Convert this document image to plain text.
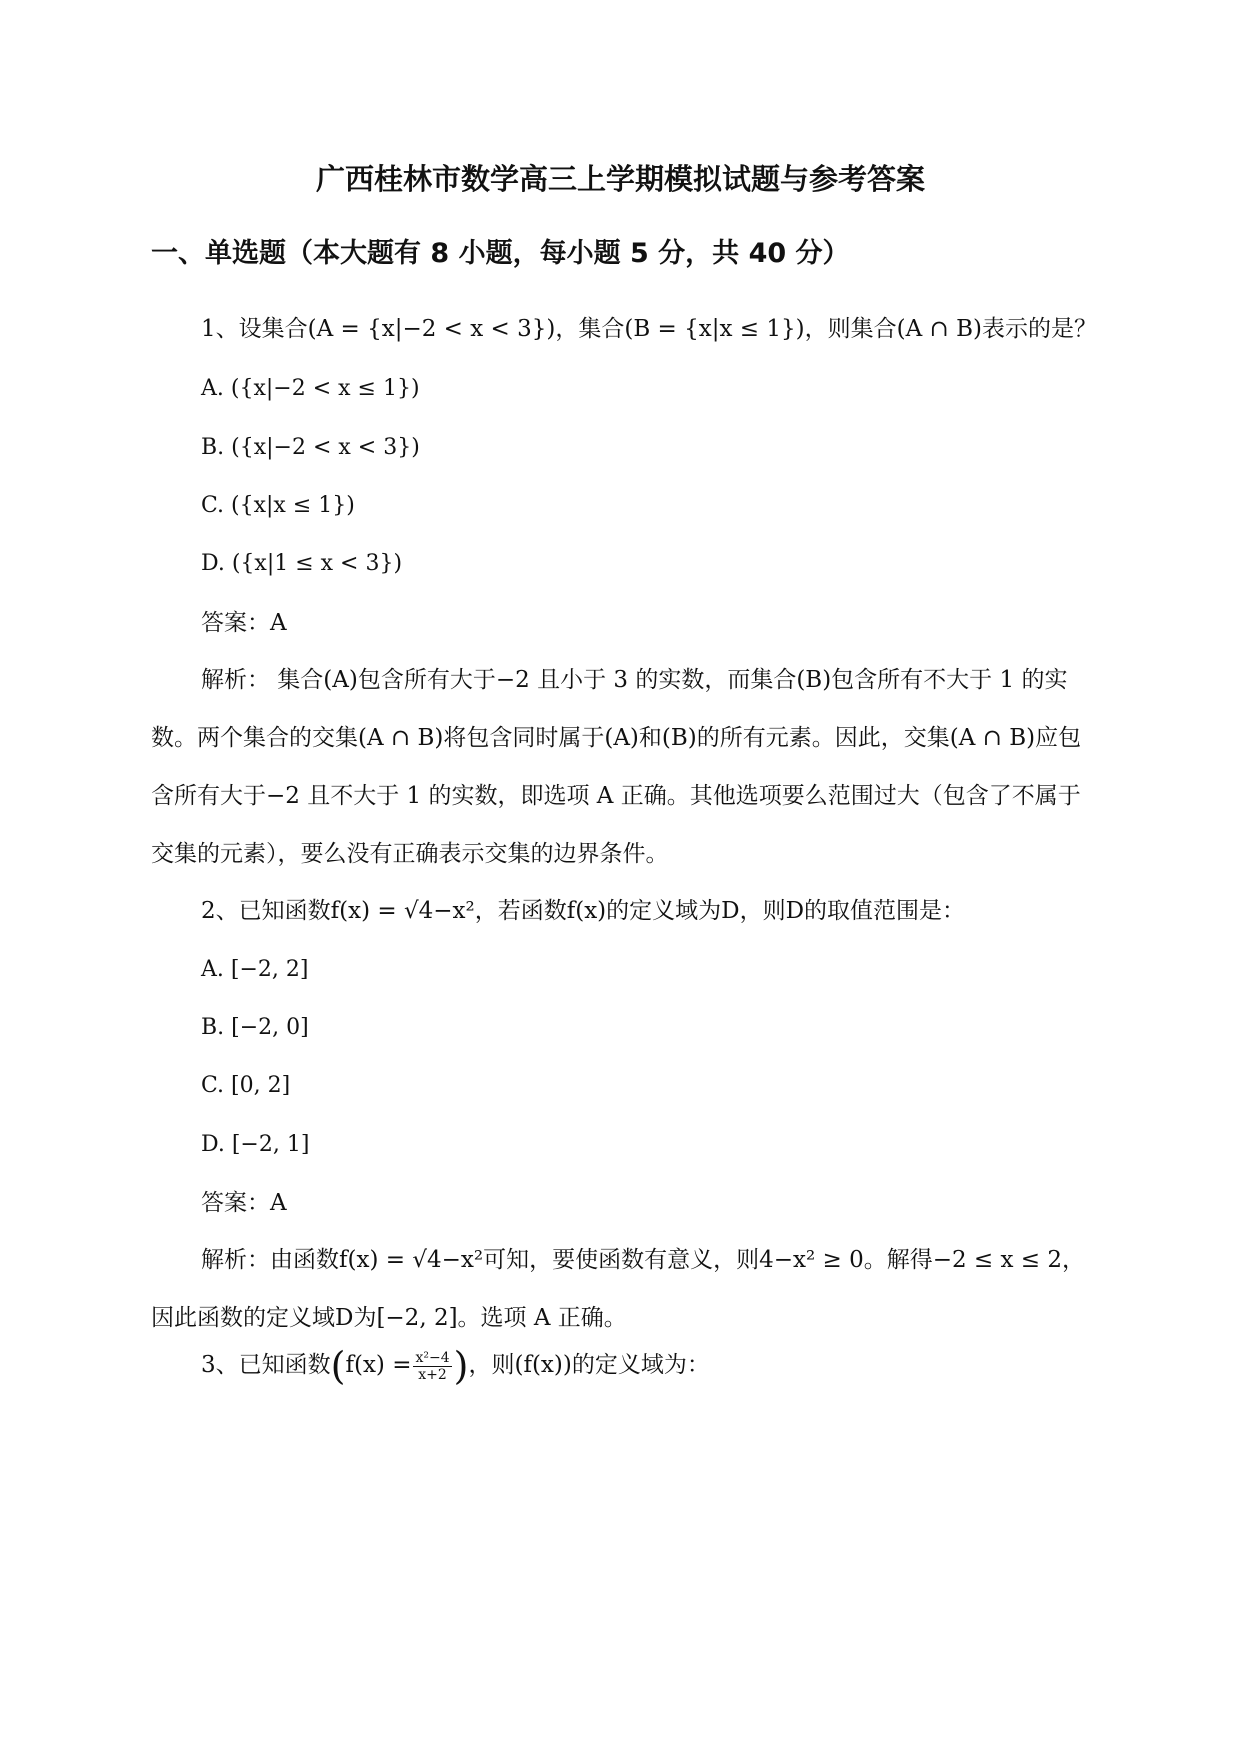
广西桂林市数学高三上学期模拟试题与参考答案
一、单选题（本大题有 8 小题，每小题 5 分，共 40 分）
1、设集合(A = {x|−2 < x < 3})，集合(B = {x|x ≤ 1})，则集合(A ∩ B)表示的是？
A. ({x|−2 < x ≤ 1})
B. ({x|−2 < x < 3})
C. ({x|x ≤ 1})
D. ({x|1 ≤ x < 3})
答案：A
解析： 集合(A)包含所有大于−2 且小于 3 的实数，而集合(B)包含所有不大于 1 的实数。两个集合的交集(A ∩ B)将包含同时属于(A)和(B)的所有元素。因此，交集(A ∩ B)应包含所有大于−2 且不大于 1 的实数，即选项 A 正确。其他选项要么范围过大（包含了不属于交集的元素），要么没有正确表示交集的边界条件。
2、已知函数f(x) = √4−x²，若函数f(x)的定义域为D，则D的取值范围是：
A. [−2, 2]
B. [−2, 0]
C. [0, 2]
D. [−2, 1]
答案：A
解析：由函数f(x) = √4−x²可知，要使函数有意义，则4−x² ≥ 0。解得−2 ≤ x ≤ 2，因此函数的定义域D为[−2, 2]。选项 A 正确。
3、已知函数($f(x) = \frac{\text{x²−4}}{x+2}$ )，则(f(x))的定义域为：
